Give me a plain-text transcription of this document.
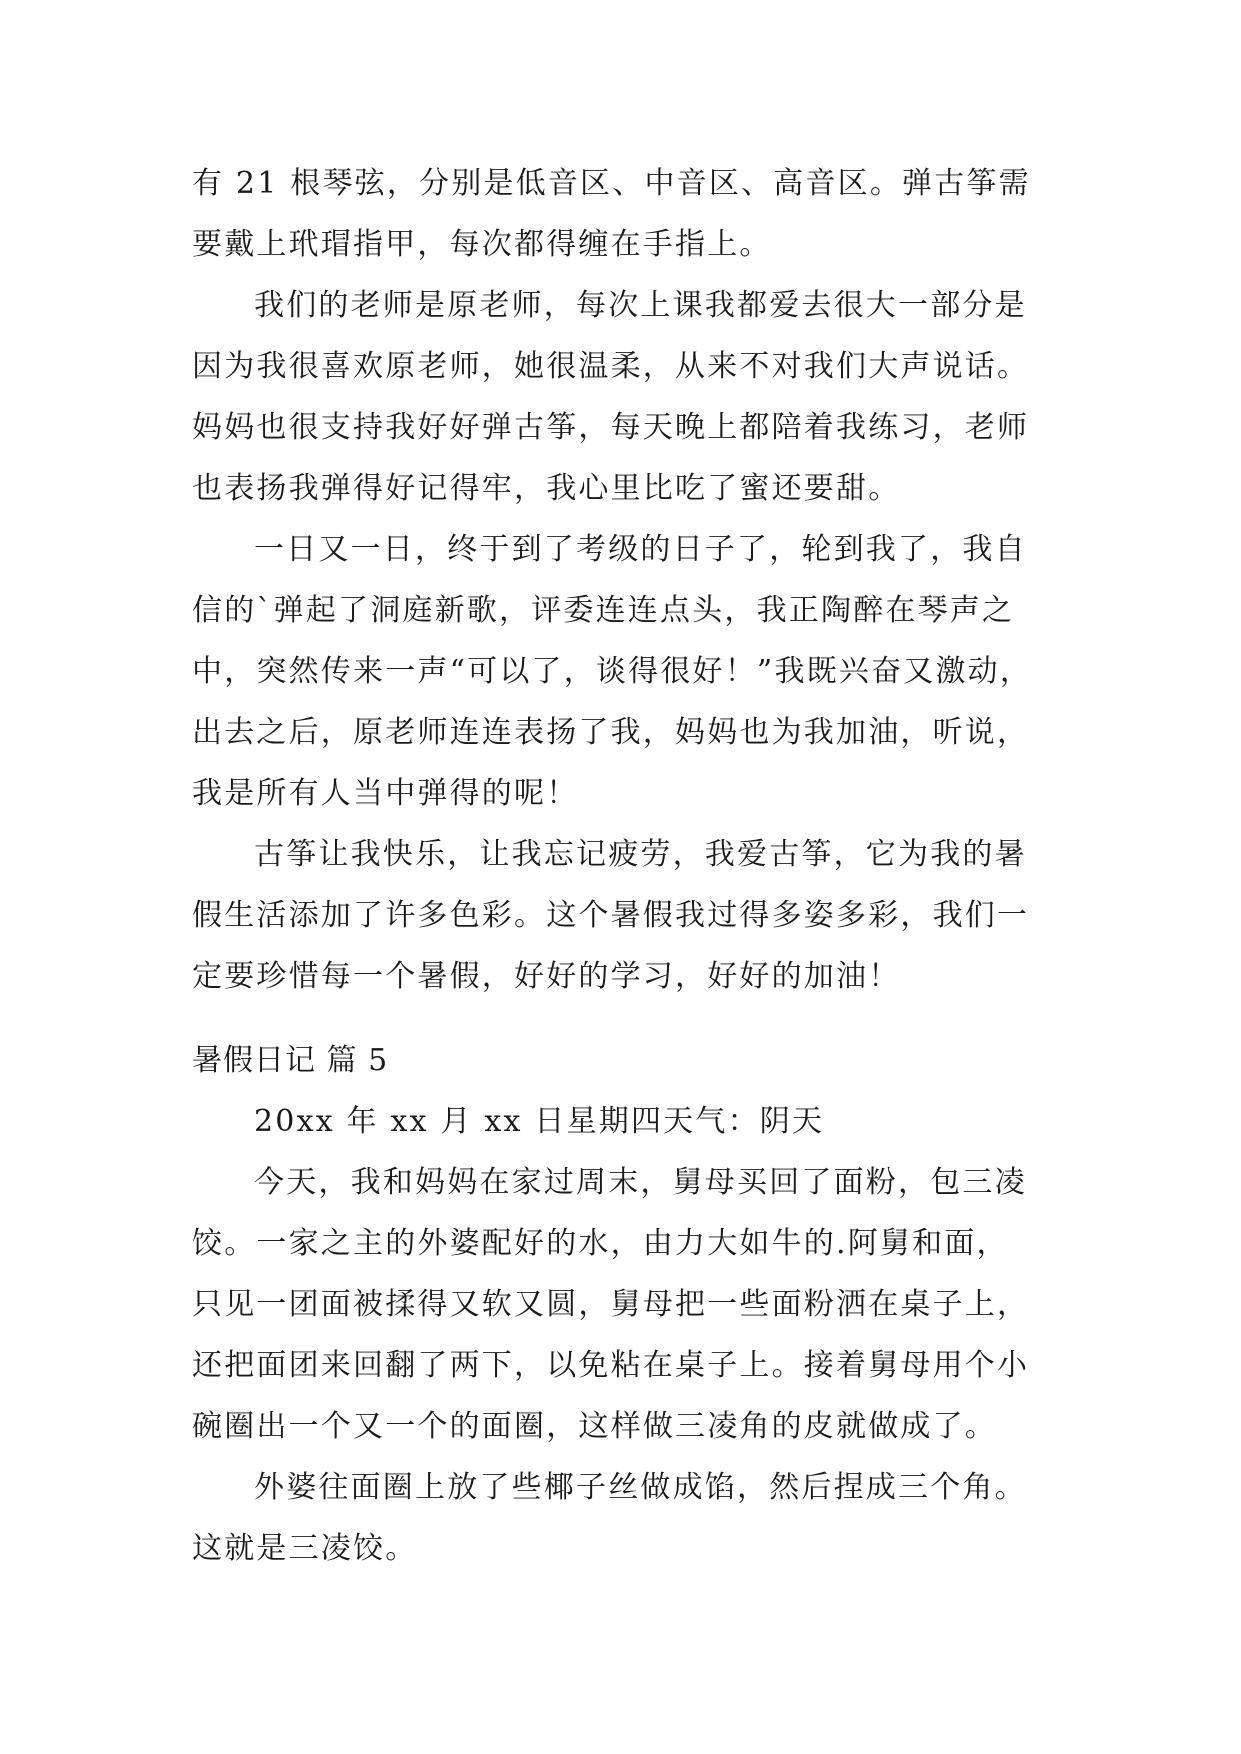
有 21 根琴弦，分别是低音区、中音区、高音区。弹古筝需
要戴上玳瑁指甲，每次都得缠在手指上。
我们的老师是原老师，每次上课我都爱去很大一部分是
因为我很喜欢原老师，她很温柔，从来不对我们大声说话。
妈妈也很支持我好好弹古筝，每天晚上都陪着我练习，老师
也表扬我弹得好记得牢，我心里比吃了蜜还要甜。
一日又一日，终于到了考级的日子了，轮到我了，我自
信的`弹起了洞庭新歌，评委连连点头，我正陶醉在琴声之
中，突然传来一声“可以了，谈得很好！”我既兴奋又激动，
出去之后，原老师连连表扬了我，妈妈也为我加油，听说，
我是所有人当中弹得的呢！
古筝让我快乐，让我忘记疲劳，我爱古筝，它为我的暑
假生活添加了许多色彩。这个暑假我过得多姿多彩，我们一
定要珍惜每一个暑假，好好的学习，好好的加油！
暑假日记 篇 5
20xx 年 xx 月 xx 日星期四天气：阴天
今天，我和妈妈在家过周末，舅母买回了面粉，包三凌
饺。一家之主的外婆配好的水，由力大如牛的.阿舅和面，
只见一团面被揉得又软又圆，舅母把一些面粉洒在桌子上，
还把面团来回翻了两下，以免粘在桌子上。接着舅母用个小
碗圈出一个又一个的面圈，这样做三凌角的皮就做成了。
外婆往面圈上放了些椰子丝做成馅，然后捏成三个角。
这就是三凌饺。
